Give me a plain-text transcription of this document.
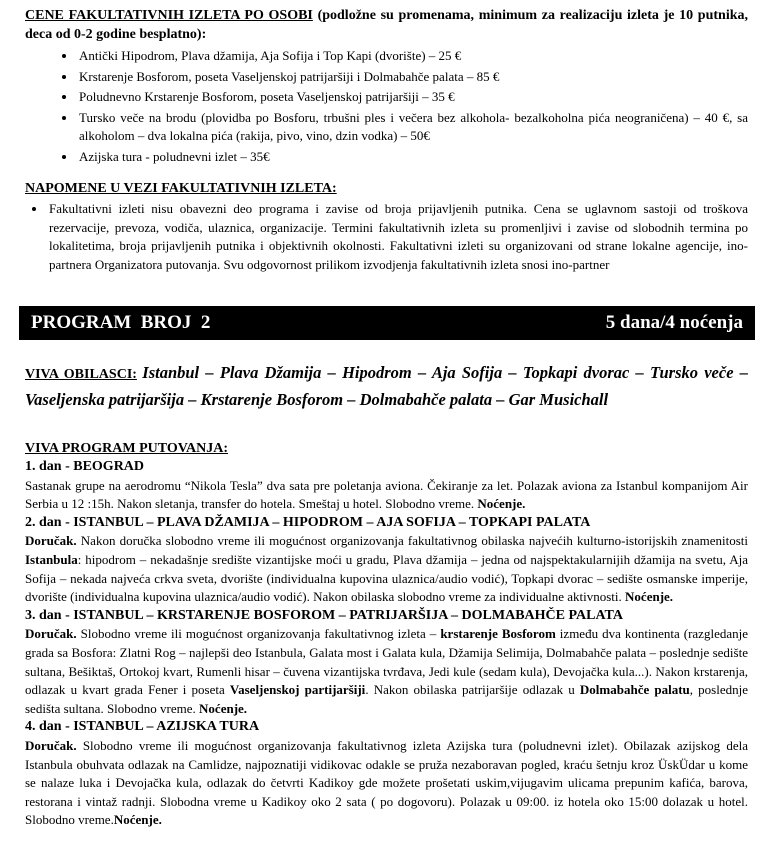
CENE FAKULTATIVNIH IZLETA PO OSOBI (podložne su promenama, minimum za realizaciju izleta je 10 putnika, deca od 0-2 godine besplatno):

• Antički Hipodrom, Plava džamija, Aja Sofija i Top Kapi (dvorište) – 25 €
• Krstarenje Bosforom, poseta Vaseljenskoj patrijaršiji i Dolmabahče palata – 85 €
• Poludnevno Krstarenje Bosforom, poseta Vaseljenskoj patrijaršiji – 35 €
• Tursko veče na brodu (plovidba po Bosforu, trbušni ples i večera bez alkohola- bezalkoholna pića neograničena) – 40 €, sa alkoholom – dva lokalna pića (rakija, pivo, vino, dzin vodka) – 50€
• Azijska tura - poludnevni izlet – 35€

NAPOMENE U VEZI FAKULTATIVNIH IZLETA:

• Fakultativni izleti nisu obavezni deo programa i zavise od broja prijavljenih putnika. Cena se uglavnom sastoji od troškova rezervacije, prevoza, vodiča, ulaznica, organizacije. Termini fakultativnih izleta su promenljivi i zavise od slobodnih termina po lokalitetima, broja prijavljenih putnika i objektivnih okolnosti. Fakultativni izleti su organizovani od strane lokalne agencije, ino-partnera Organizatora putovanja. Svu odgovornost prilikom izvodjenja fakultativnih izleta snosi ino-partner
PROGRAM  BROJ  2	5 dana/4 noćenja

VIVA OBILASCI: Istanbul – Plava Džamija – Hipodrom – Aja Sofija – Topkapi dvorac – Tursko veče – Vaseljenska patrijaršija – Krstarenje Bosforom – Dolmabahče palata – Gar Musichall

VIVA PROGRAM PUTOVANJA:

1. dan - BEOGRAD

Sastanak grupe na aerodromu “Nikola Tesla” dva sata pre poletanja aviona. Čekiranje za let. Polazak aviona za Istanbul kompanijom Air Serbia u 12 :15h. Nakon sletanja, transfer do hotela. Smeštaj u hotel. Slobodno vreme. Noćenje.

2. dan - ISTANBUL – PLAVA DŽAMIJA – HIPODROM – AJA SOFIJA – TOPKAPI PALATA

Doručak. Nakon doručka slobodno vreme ili mogućnost organizovanja fakultativnog obilaska najvećih kulturno-istorijskih znamenitosti Istanbula: hipodrom – nekadašnje središte vizantijske moći u gradu, Plava džamija – jedna od najspektakularnijih džamija na svetu, Aja Sofija – nekada najveća crkva sveta, dvorište (individualna kupovina ulaznica/audio vodić), Topkapi dvorac – sedište osmanske imperije, dvorište (individualna kupovina ulaznica/audio vodić). Nakon obilaska slobodno vreme za individualne aktivnosti. Noćenje.

3. dan - ISTANBUL – KRSTARENJE BOSFOROM – PATRIJARŠIJA – DOLMABAHČE PALATA

Doručak. Slobodno vreme ili mogućnost organizovanja fakultativnog izleta – krstarenje Bosforom između dva kontinenta (razgledanje grada sa Bosfora: Zlatni Rog – najlepši deo Istanbula, Galata most i Galata kula, Džamija Selimija, Dolmabahče palata – poslednje sedište sultana, Bešiktaš, Ortokoj kvart, Rumenli hisar – čuvena vizantijska tvrđava, Jedi kule (sedam kula), Devojačka kula...). Nakon krstarenja, odlazak u kvart grada Fener i poseta Vaseljenskoj partijaršiji. Nakon obilaska patrijaršije odlazak u Dolmabahče palatu, poslednje sedišta sultana. Slobodno vreme. Noćenje.

4. dan - ISTANBUL – AZIJSKA TURA

Doručak. Slobodno vreme ili mogućnost organizovanja fakultativnog izleta Azijska tura (poludnevni izlet). Obilazak azijskog dela Istanbula obuhvata odlazak na Camlidze, najpoznatiji vidikovac odakle se pruža nezaboravan pogled, kraću šetnju kroz ÜskÜdar u kome se nalaze luka i Devojačka kula, odlazak do četvrti Kadikoy gde možete prošetati uskim,vijugavim ulicama prepunim kafića, barova, restorana i vintaž radnji. Slobodna vreme u Kadikoy oko 2 sata ( po dogovoru). Polazak u 09:00. iz hotela oko 15:00 dolazak u hotel. Slobodno vreme.Noćenje.
